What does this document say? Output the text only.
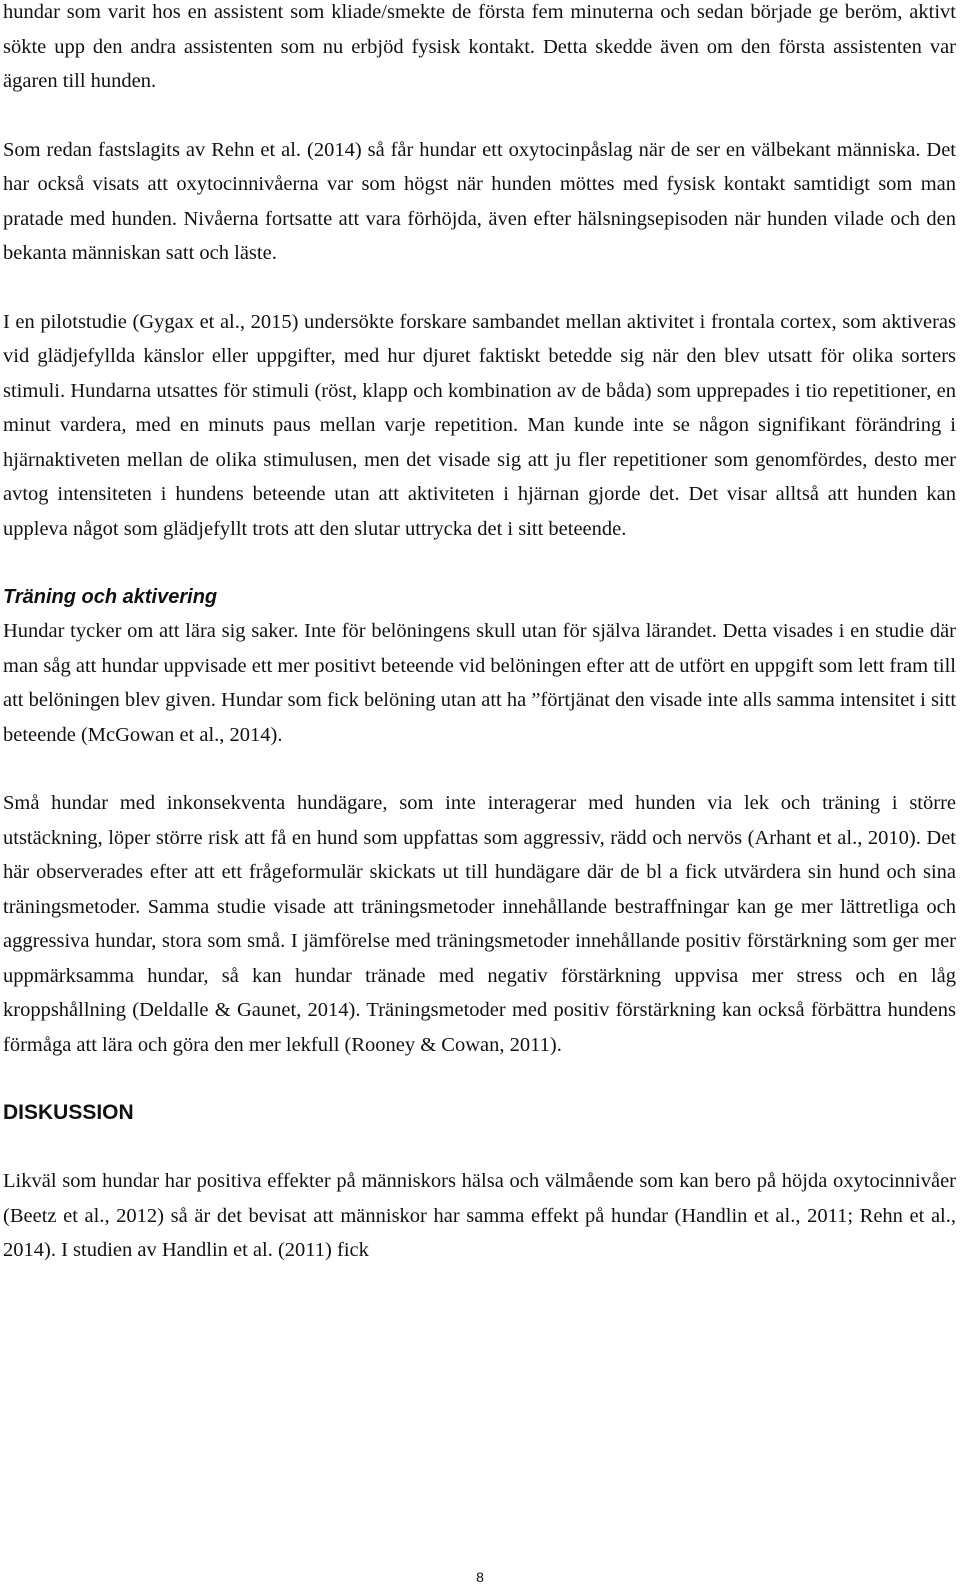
hundar som varit hos en assistent som kliade/smekte de första fem minuterna och sedan började ge beröm, aktivt sökte upp den andra assistenten som nu erbjöd fysisk kontakt. Detta skedde även om den första assistenten var ägaren till hunden.

Som redan fastslagits av Rehn et al. (2014) så får hundar ett oxytocinpåslag när de ser en välbekant människa. Det har också visats att oxytocinnivåerna var som högst när hunden möttes med fysisk kontakt samtidigt som man pratade med hunden. Nivåerna fortsatte att vara förhöjda, även efter hälsningsepisoden när hunden vilade och den bekanta människan satt och läste.

I en pilotstudie (Gygax et al., 2015) undersökte forskare sambandet mellan aktivitet i frontala cortex, som aktiveras vid glädjefyllda känslor eller uppgifter, med hur djuret faktiskt betedde sig när den blev utsatt för olika sorters stimuli. Hundarna utsattes för stimuli (röst, klapp och kombination av de båda) som upprepades i tio repetitioner, en minut vardera, med en minuts paus mellan varje repetition. Man kunde inte se någon signifikant förändring i hjärnaktiveten mellan de olika stimulusen, men det visade sig att ju fler repetitioner som genomfördes, desto mer avtog intensiteten i hundens beteende utan att aktiviteten i hjärnan gjorde det. Det visar alltså att hunden kan uppleva något som glädjefyllt trots att den slutar uttrycka det i sitt beteende.

Träning och aktivering

Hundar tycker om att lära sig saker. Inte för belöningens skull utan för själva lärandet. Detta visades i en studie där man såg att hundar uppvisade ett mer positivt beteende vid belöningen efter att de utfört en uppgift som lett fram till att belöningen blev given. Hundar som fick belöning utan att ha ”förtjänat den visade inte alls samma intensitet i sitt beteende (McGowan et al., 2014).

Små hundar med inkonsekventa hundägare, som inte interagerar med hunden via lek och träning i större utstäckning, löper större risk att få en hund som uppfattas som aggressiv, rädd och nervös (Arhant et al., 2010). Det här observerades efter att ett frågeformulär skickats ut till hundägare där de bl a fick utvärdera sin hund och sina träningsmetoder. Samma studie visade att träningsmetoder innehållande bestraffningar kan ge mer lättretliga och aggressiva hundar, stora som små. I jämförelse med träningsmetoder innehållande positiv förstärkning som ger mer uppmärksamma hundar, så kan hundar tränade med negativ förstärkning uppvisa mer stress och en låg kroppshållning (Deldalle & Gaunet, 2014). Träningsmetoder med positiv förstärkning kan också förbättra hundens förmåga att lära och göra den mer lekfull (Rooney & Cowan, 2011).

DISKUSSION

Likväl som hundar har positiva effekter på människors hälsa och välmående som kan bero på höjda oxytocinnivåer (Beetz et al., 2012) så är det bevisat att människor har samma effekt på hundar (Handlin et al., 2011; Rehn et al., 2014). I studien av Handlin et al. (2011) fick

8
